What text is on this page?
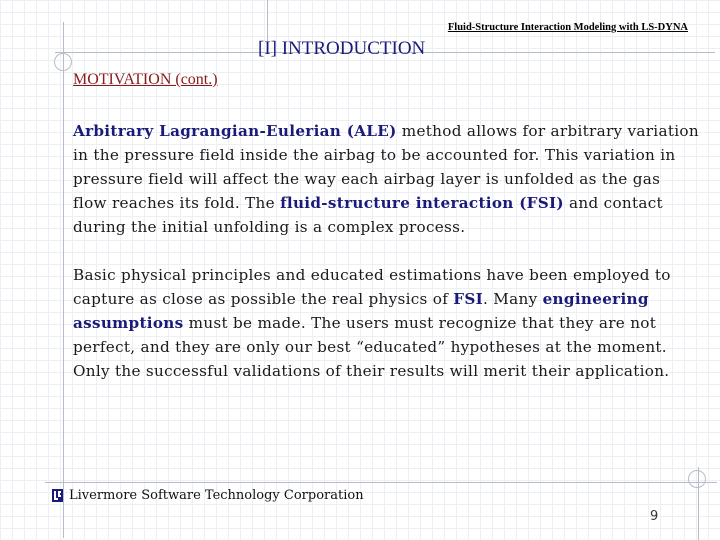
Fluid-Structure Interaction Modeling with LS-DYNA
[I] INTRODUCTION
MOTIVATION (cont.)

Arbitrary Lagrangian-Eulerian (ALE) method allows for arbitrary variation in the pressure field inside the airbag to be accounted for. This variation in pressure field will affect the way each airbag layer is unfolded as the gas flow reaches its fold. The fluid-structure interaction (FSI) and contact during the initial unfolding is a complex process.

Basic physical principles and educated estimations have been employed to capture as close as possible the real physics of FSI. Many engineering assumptions must be made. The users must recognize that they are not perfect, and they are only our best “educated” hypotheses at the moment. Only the successful validations of their results will merit their application.

Livermore Software Technology Corporation
9
